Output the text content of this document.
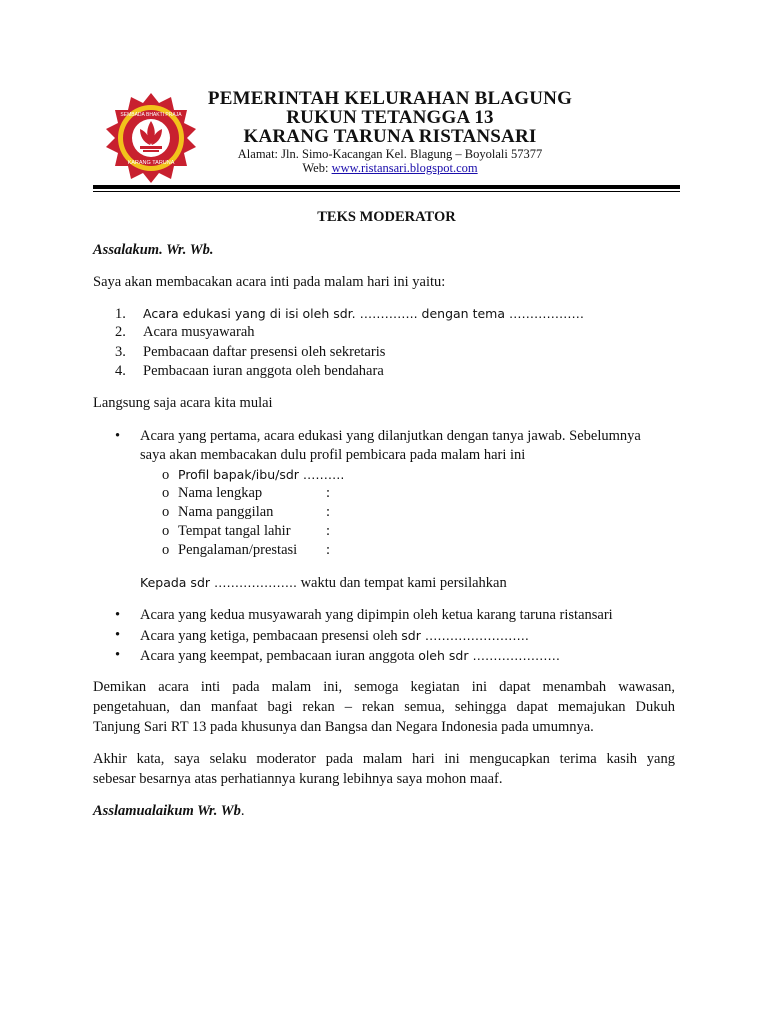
SEMBADA BHAKTI PRAJA
KARANG TARUNA
PEMERINTAH KELURAHAN BLAGUNG
RUKUN TETANGGA 13
KARANG TARUNA RISTANSARI
Alamat: Jln. Simo-Kacangan Kel. Blagung – Boyolali 57377
Web: www.ristansari.blogspot.com
TEKS MODERATOR
Assalakum. Wr. Wb.
Saya akan membacakan acara inti pada malam hari ini yaitu:
1. Acara edukasi yang di isi oleh sdr. ………….. dengan tema ………………
2. Acara musyawarah
3. Pembacaan daftar presensi oleh sekretaris
4. Pembacaan iuran anggota oleh bendahara
Langsung saja acara kita mulai
• Acara yang pertama, acara edukasi yang dilanjutkan dengan tanya jawab. Sebelumnya
saya akan membacakan dulu profil pembicara pada malam hari ini
o Profil bapak/ibu/sdr ……….
o Nama lengkap	:
o Nama panggilan	:
o Tempat tangal lahir	:
o Pengalaman/prestasi	:
Kepada sdr ……………….. waktu dan tempat kami persilahkan
• Acara yang kedua musyawarah yang dipimpin oleh ketua karang taruna ristansari
• Acara yang ketiga, pembacaan presensi oleh sdr …………………….
• Acara yang keempat, pembacaan iuran anggota oleh sdr …………………
Demikan acara inti pada malam ini, semoga kegiatan ini dapat menambah wawasan,
pengetahuan, dan manfaat bagi rekan – rekan semua, sehingga dapat memajukan Dukuh
Tanjung Sari RT 13 pada khusunya dan Bangsa dan Negara Indonesia pada umumnya.
Akhir kata, saya selaku moderator pada malam hari ini mengucapkan terima kasih yang
sebesar besarnya atas perhatiannya kurang lebihnya saya mohon maaf.
Asslamualaikum Wr. Wb.
